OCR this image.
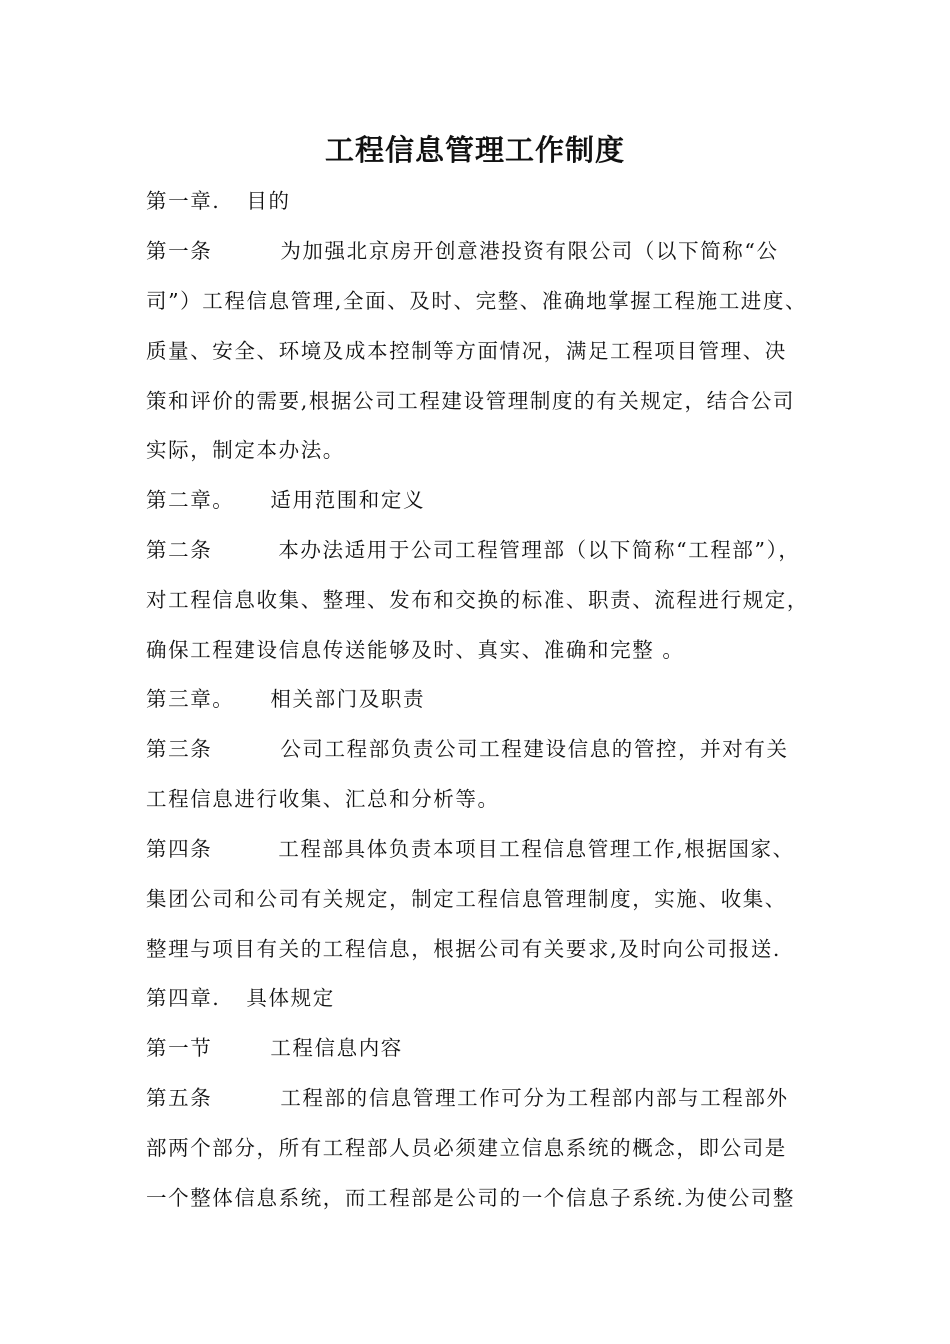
工程信息管理工作制度
第一章. 目的
第一条	为加强北京房开创意港投资有限公司（以下简称“公
司”）工程信息管理,全面、及时、完整、准确地掌握工程施工进度、
质量、安全、环境及成本控制等方面情况，满足工程项目管理、决
策和评价的需要,根据公司工程建设管理制度的有关规定，结合公司
实际，制定本办法。
第二章。 适用范围和定义
第二条	本办法适用于公司工程管理部（以下简称“工程部”），
对工程信息收集、整理、发布和交换的标准、职责、流程进行规定，
确保工程建设信息传送能够及时、真实、准确和完整 。
第三章。 相关部门及职责
第三条	公司工程部负责公司工程建设信息的管控，并对有关
工程信息进行收集、汇总和分析等。
第四条	工程部具体负责本项目工程信息管理工作,根据国家、
集团公司和公司有关规定，制定工程信息管理制度，实施、收集、
整理与项目有关的工程信息，根据公司有关要求,及时向公司报送.
第四章. 具体规定
第一节	工程信息内容
第五条	工程部的信息管理工作可分为工程部内部与工程部外
部两个部分，所有工程部人员必须建立信息系统的概念，即公司是
一个整体信息系统，而工程部是公司的一个信息子系统.为使公司整
